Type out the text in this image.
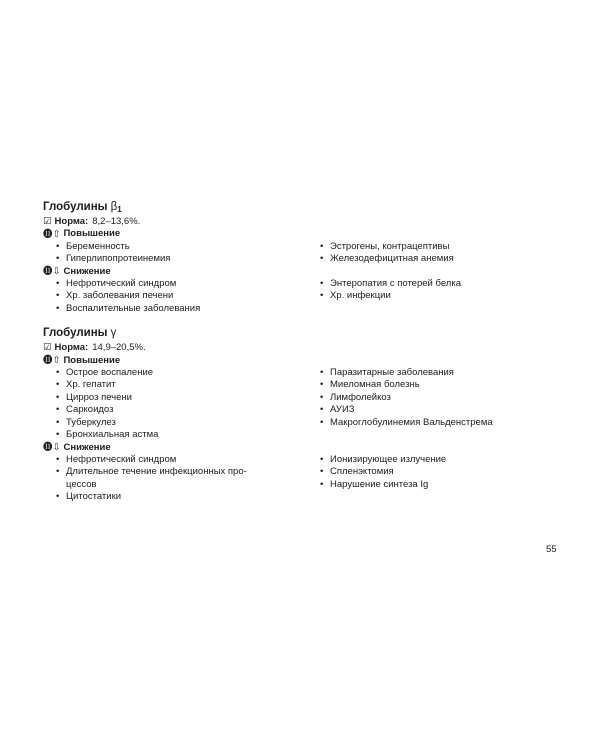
Глобулины $\beta_1$

☑ Норма: 8,2–13,6%.
⓫⇧ Повышение
• Беременность
• Гиперлипопротеинемия
• Эстрогены, контрацептивы
• Железодефицитная анемия
⓫⇩ Снижение
• Нефротический синдром
• Хр. заболевания печени
• Воспалительные заболевания
• Энтеропатия с потерей белка
• Хр. инфекции

Глобулины γ

☑ Норма: 14,9–20,5%.
⓫⇧ Повышение
• Острое воспаление
• Хр. гепатит
• Цирроз печени
• Саркоидоз
• Туберкулез
• Бронхиальная астма
• Паразитарные заболевания
• Миеломная болезнь
• Лимфолейкоз
• АУИЗ
• Макроглобулинемия Вальденстрема
⓫⇩ Снижение
• Нефротический синдром
• Длительное течение инфекционных про-
цессов
• Цитостатики
• Ионизирующее излучение
• Спленэктомия
• Нарушение синтеза Ig
55
